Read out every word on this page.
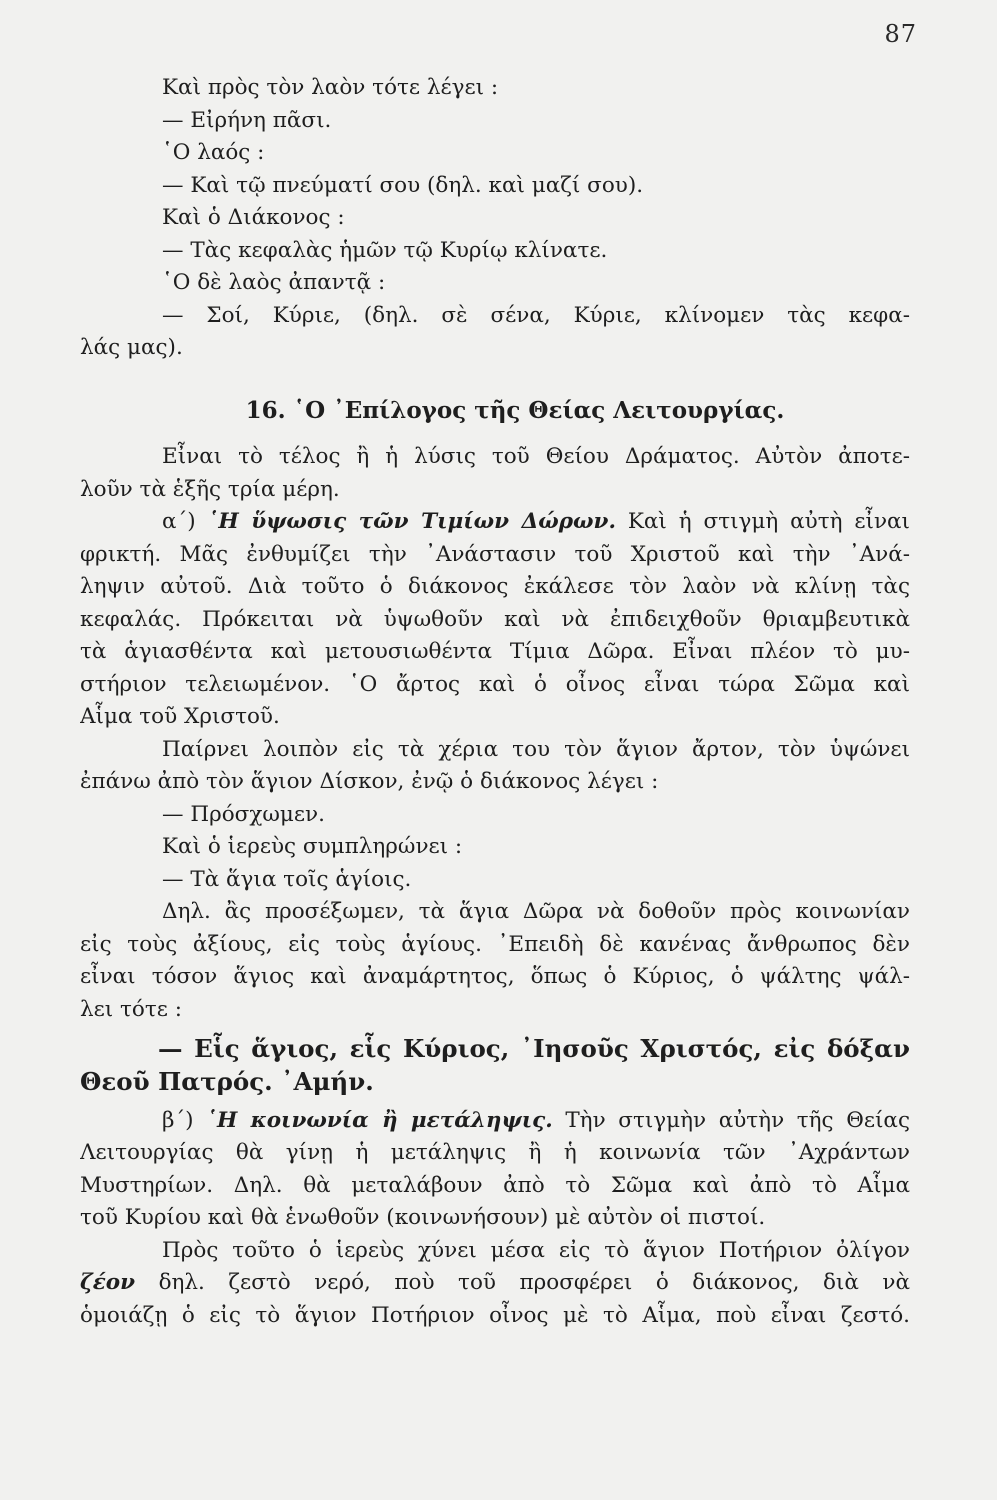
87
Καὶ πρὸς τὸν λαὸν τότε λέγει :
— Εἰρήνη πᾶσι.
῾Ο λαός :
— Καὶ τῷ πνεύματί σου (δηλ. καὶ μαζί σου).
Καὶ ὁ Διάκονος :
— Τὰς κεφαλὰς ἡμῶν τῷ Κυρίῳ κλίνατε.
῾Ο δὲ λαὸς ἀπαντᾷ :
— Σοί, Κύριε, (δηλ. σὲ σένα, Κύριε, κλίνομεν τὰς κεφα-
λάς μας).
16. ῾Ο ᾿Επίλογος τῆς Θείας Λειτουργίας.
Εἶναι τὸ τέλος ἢ ἡ λύσις τοῦ Θείου Δράματος. Αὐτὸν ἀποτε-
λοῦν τὰ ἑξῆς τρία μέρη.
α΄) ῾Η ὕψωσις τῶν Τιμίων Δώρων. Καὶ ἡ στιγμὴ αὐτὴ εἶναι
φρικτή. Μᾶς ἐνθυμίζει τὴν ᾿Ανάστασιν τοῦ Χριστοῦ καὶ τὴν ᾿Ανά-
ληψιν αὐτοῦ. Διὰ τοῦτο ὁ διάκονος ἐκάλεσε τὸν λαὸν νὰ κλίνῃ τὰς
κεφαλάς. Πρόκειται νὰ ὑψωθοῦν καὶ νὰ ἐπιδειχθοῦν θριαμβευτικὰ
τὰ ἁγιασθέντα καὶ μετουσιωθέντα Τίμια Δῶρα. Εἶναι πλέον τὸ μυ-
στήριον τελειωμένον. ῾Ο ἄρτος καὶ ὁ οἶνος εἶναι τώρα Σῶμα καὶ
Αἷμα τοῦ Χριστοῦ.
Παίρνει λοιπὸν εἰς τὰ χέρια του τὸν ἅγιον ἄρτον, τὸν ὑψώνει
ἐπάνω ἀπὸ τὸν ἅγιον Δίσκον, ἐνῷ ὁ διάκονος λέγει :
— Πρόσχωμεν.
Καὶ ὁ ἱερεὺς συμπληρώνει :
— Τὰ ἅγια τοῖς ἁγίοις.
Δηλ. ἂς προσέξωμεν, τὰ ἅγια Δῶρα νὰ δοθοῦν πρὸς κοινωνίαν
εἰς τοὺς ἀξίους, εἰς τοὺς ἁγίους. ᾿Επειδὴ δὲ κανένας ἄνθρωπος δὲν
εἶναι τόσον ἅγιος καὶ ἀναμάρτητος, ὅπως ὁ Κύριος, ὁ ψάλτης ψάλ-
λει τότε :
— Εἷς ἅγιος, εἷς Κύριος, ᾿Ιησοῦς Χριστός, εἰς δόξαν
Θεοῦ Πατρός. ᾿Αμήν.
β΄) ῾Η κοινωνία ἢ μετάληψις. Τὴν στιγμὴν αὐτὴν τῆς Θείας
Λειτουργίας θὰ γίνῃ ἡ μετάληψις ἢ ἡ κοινωνία τῶν ᾿Αχράντων
Μυστηρίων. Δηλ. θὰ μεταλάβουν ἀπὸ τὸ Σῶμα καὶ ἀπὸ τὸ Αἷμα
τοῦ Κυρίου καὶ θὰ ἑνωθοῦν (κοινωνήσουν) μὲ αὐτὸν οἱ πιστοί.
Πρὸς τοῦτο ὁ ἱερεὺς χύνει μέσα εἰς τὸ ἅγιον Ποτήριον ὀλίγον
ζέον δηλ. ζεστὸ νερό, ποὺ τοῦ προσφέρει ὁ διάκονος, διὰ νὰ
ὁμοιάζῃ ὁ εἰς τὸ ἅγιον Ποτήριον οἶνος μὲ τὸ Αἷμα, ποὺ εἶναι ζεστό.
